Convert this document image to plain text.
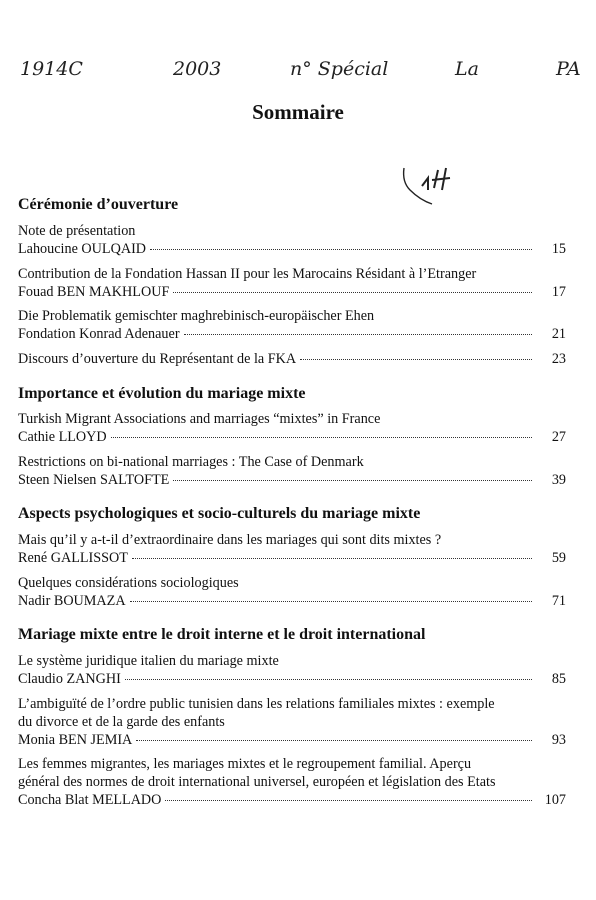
1914C	2003	n° Spécial	La	PA
Sommaire
Cérémonie d’ouverture
Note de présentation
Lahoucine OULQAID	15
Contribution de la Fondation Hassan II pour les Marocains Résidant à l’Etranger
Fouad BEN MAKHLOUF	17
Die Problematik gemischter maghrebinisch-europäischer Ehen
Fondation Konrad Adenauer	21
Discours d’ouverture du Représentant de la FKA	23
Importance et évolution du mariage mixte
Turkish Migrant Associations and marriages “mixtes” in France
Cathie LLOYD	27
Restrictions on bi-national marriages : The Case of Denmark
Steen Nielsen SALTOFTE	39
Aspects psychologiques et socio-culturels du mariage mixte
Mais qu’il y a-t-il d’extraordinaire dans les mariages qui sont dits mixtes ?
René GALLISSOT	59
Quelques considérations sociologiques
Nadir BOUMAZA	71
Mariage mixte entre le droit interne et le droit international
Le système juridique italien du mariage mixte
Claudio ZANGHI	85
L’ambiguïté de l’ordre public tunisien dans les relations familiales mixtes : exemple
du divorce et de la garde des enfants
Monia BEN JEMIA	93
Les femmes migrantes, les mariages mixtes et le regroupement familial. Aperçu
général des normes de droit international universel, européen et législation des Etats
Concha Blat MELLADO	107
